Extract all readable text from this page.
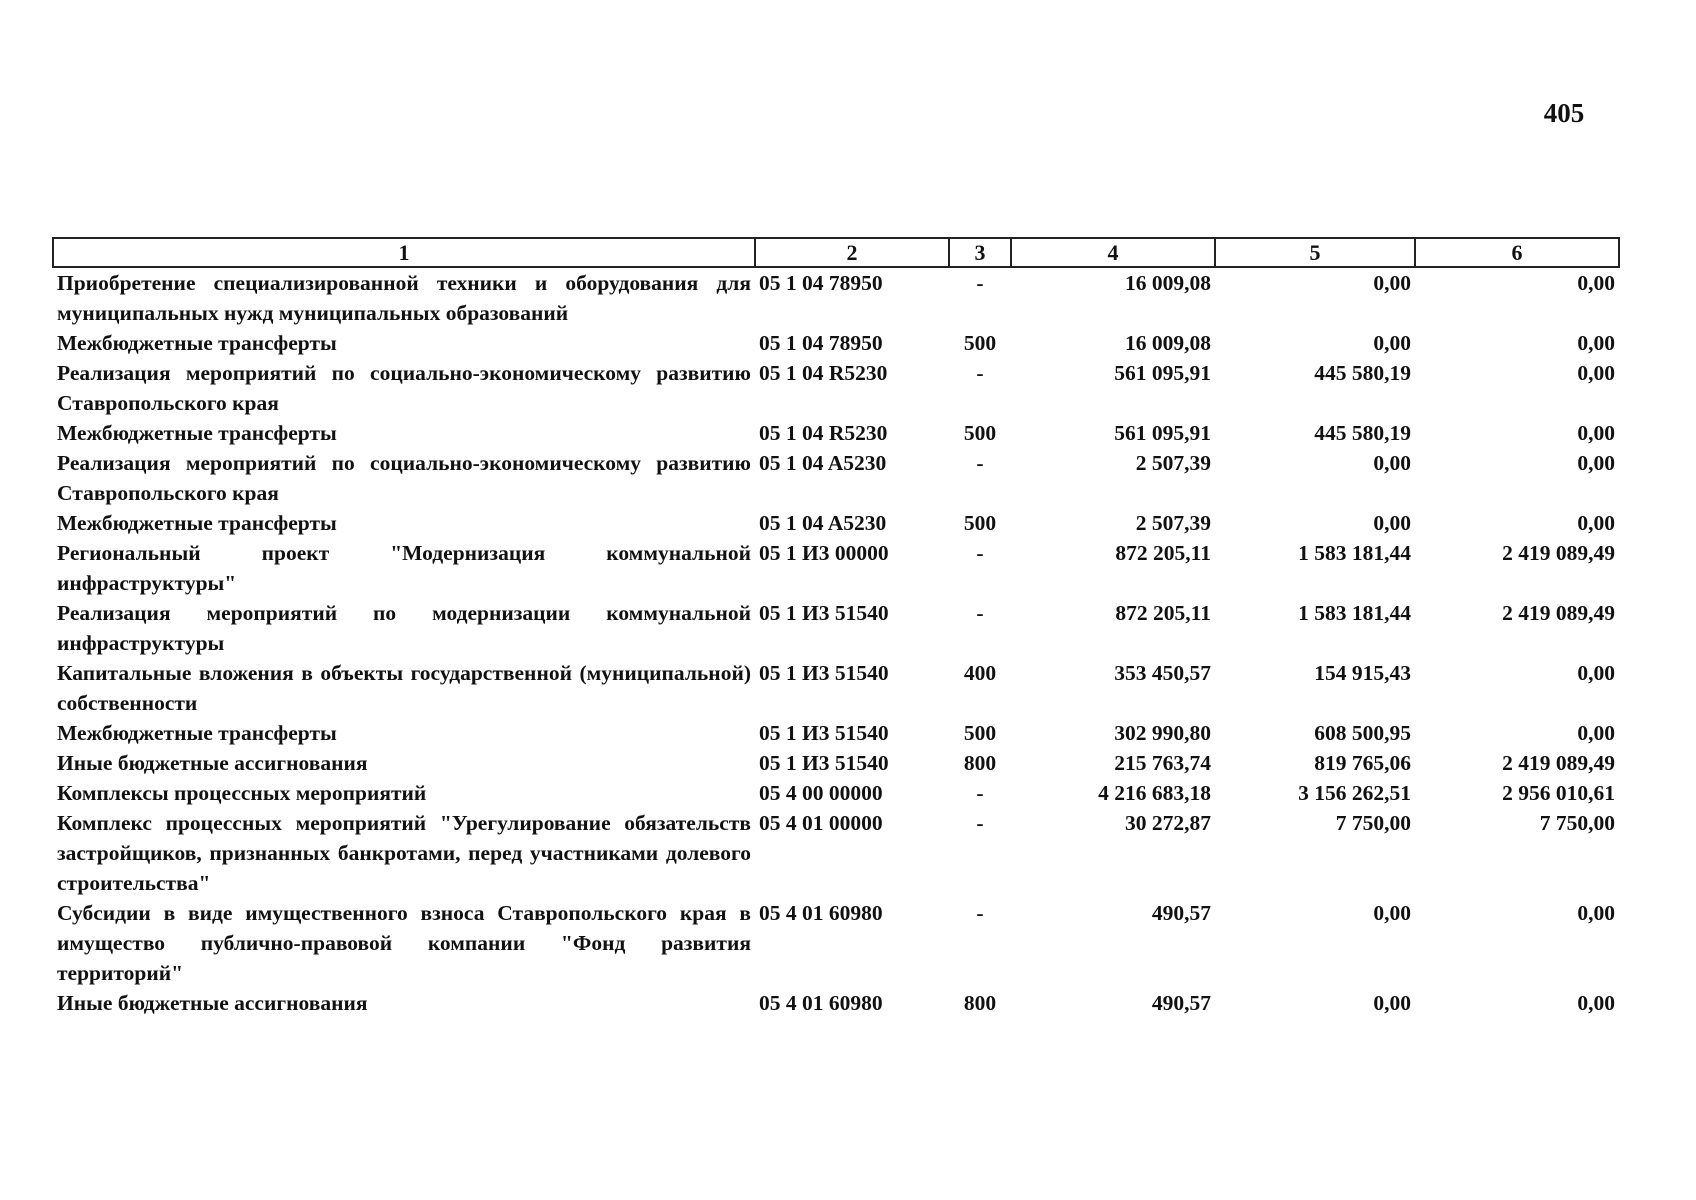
405
1	2	3	4	5	6
Приобретение специализированной техники и оборудования для муниципальных нужд муниципальных образований	05 1 04 78950	-	16 009,08	0,00	0,00
Межбюджетные трансферты	05 1 04 78950	500	16 009,08	0,00	0,00
Реализация мероприятий по социально-экономическому развитию Ставропольского края	05 1 04 R5230	-	561 095,91	445 580,19	0,00
Межбюджетные трансферты	05 1 04 R5230	500	561 095,91	445 580,19	0,00
Реализация мероприятий по социально-экономическому развитию Ставропольского края	05 1 04 A5230	-	2 507,39	0,00	0,00
Межбюджетные трансферты	05 1 04 A5230	500	2 507,39	0,00	0,00
Региональный проект "Модернизация коммунальной инфраструктуры"	05 1 И3 00000	-	872 205,11	1 583 181,44	2 419 089,49
Реализация мероприятий по модернизации коммунальной инфраструктуры	05 1 И3 51540	-	872 205,11	1 583 181,44	2 419 089,49
Капитальные вложения в объекты государственной (муниципальной) собственности	05 1 И3 51540	400	353 450,57	154 915,43	0,00
Межбюджетные трансферты	05 1 И3 51540	500	302 990,80	608 500,95	0,00
Иные бюджетные ассигнования	05 1 И3 51540	800	215 763,74	819 765,06	2 419 089,49
Комплексы процессных мероприятий	05 4 00 00000	-	4 216 683,18	3 156 262,51	2 956 010,61
Комплекс процессных мероприятий "Урегулирование обязательств застройщиков, признанных банкротами, перед участниками долевого строительства"	05 4 01 00000	-	30 272,87	7 750,00	7 750,00
Субсидии в виде имущественного взноса Ставропольского края в имущество публично-правовой компании "Фонд развития территорий"	05 4 01 60980	-	490,57	0,00	0,00
Иные бюджетные ассигнования	05 4 01 60980	800	490,57	0,00	0,00
